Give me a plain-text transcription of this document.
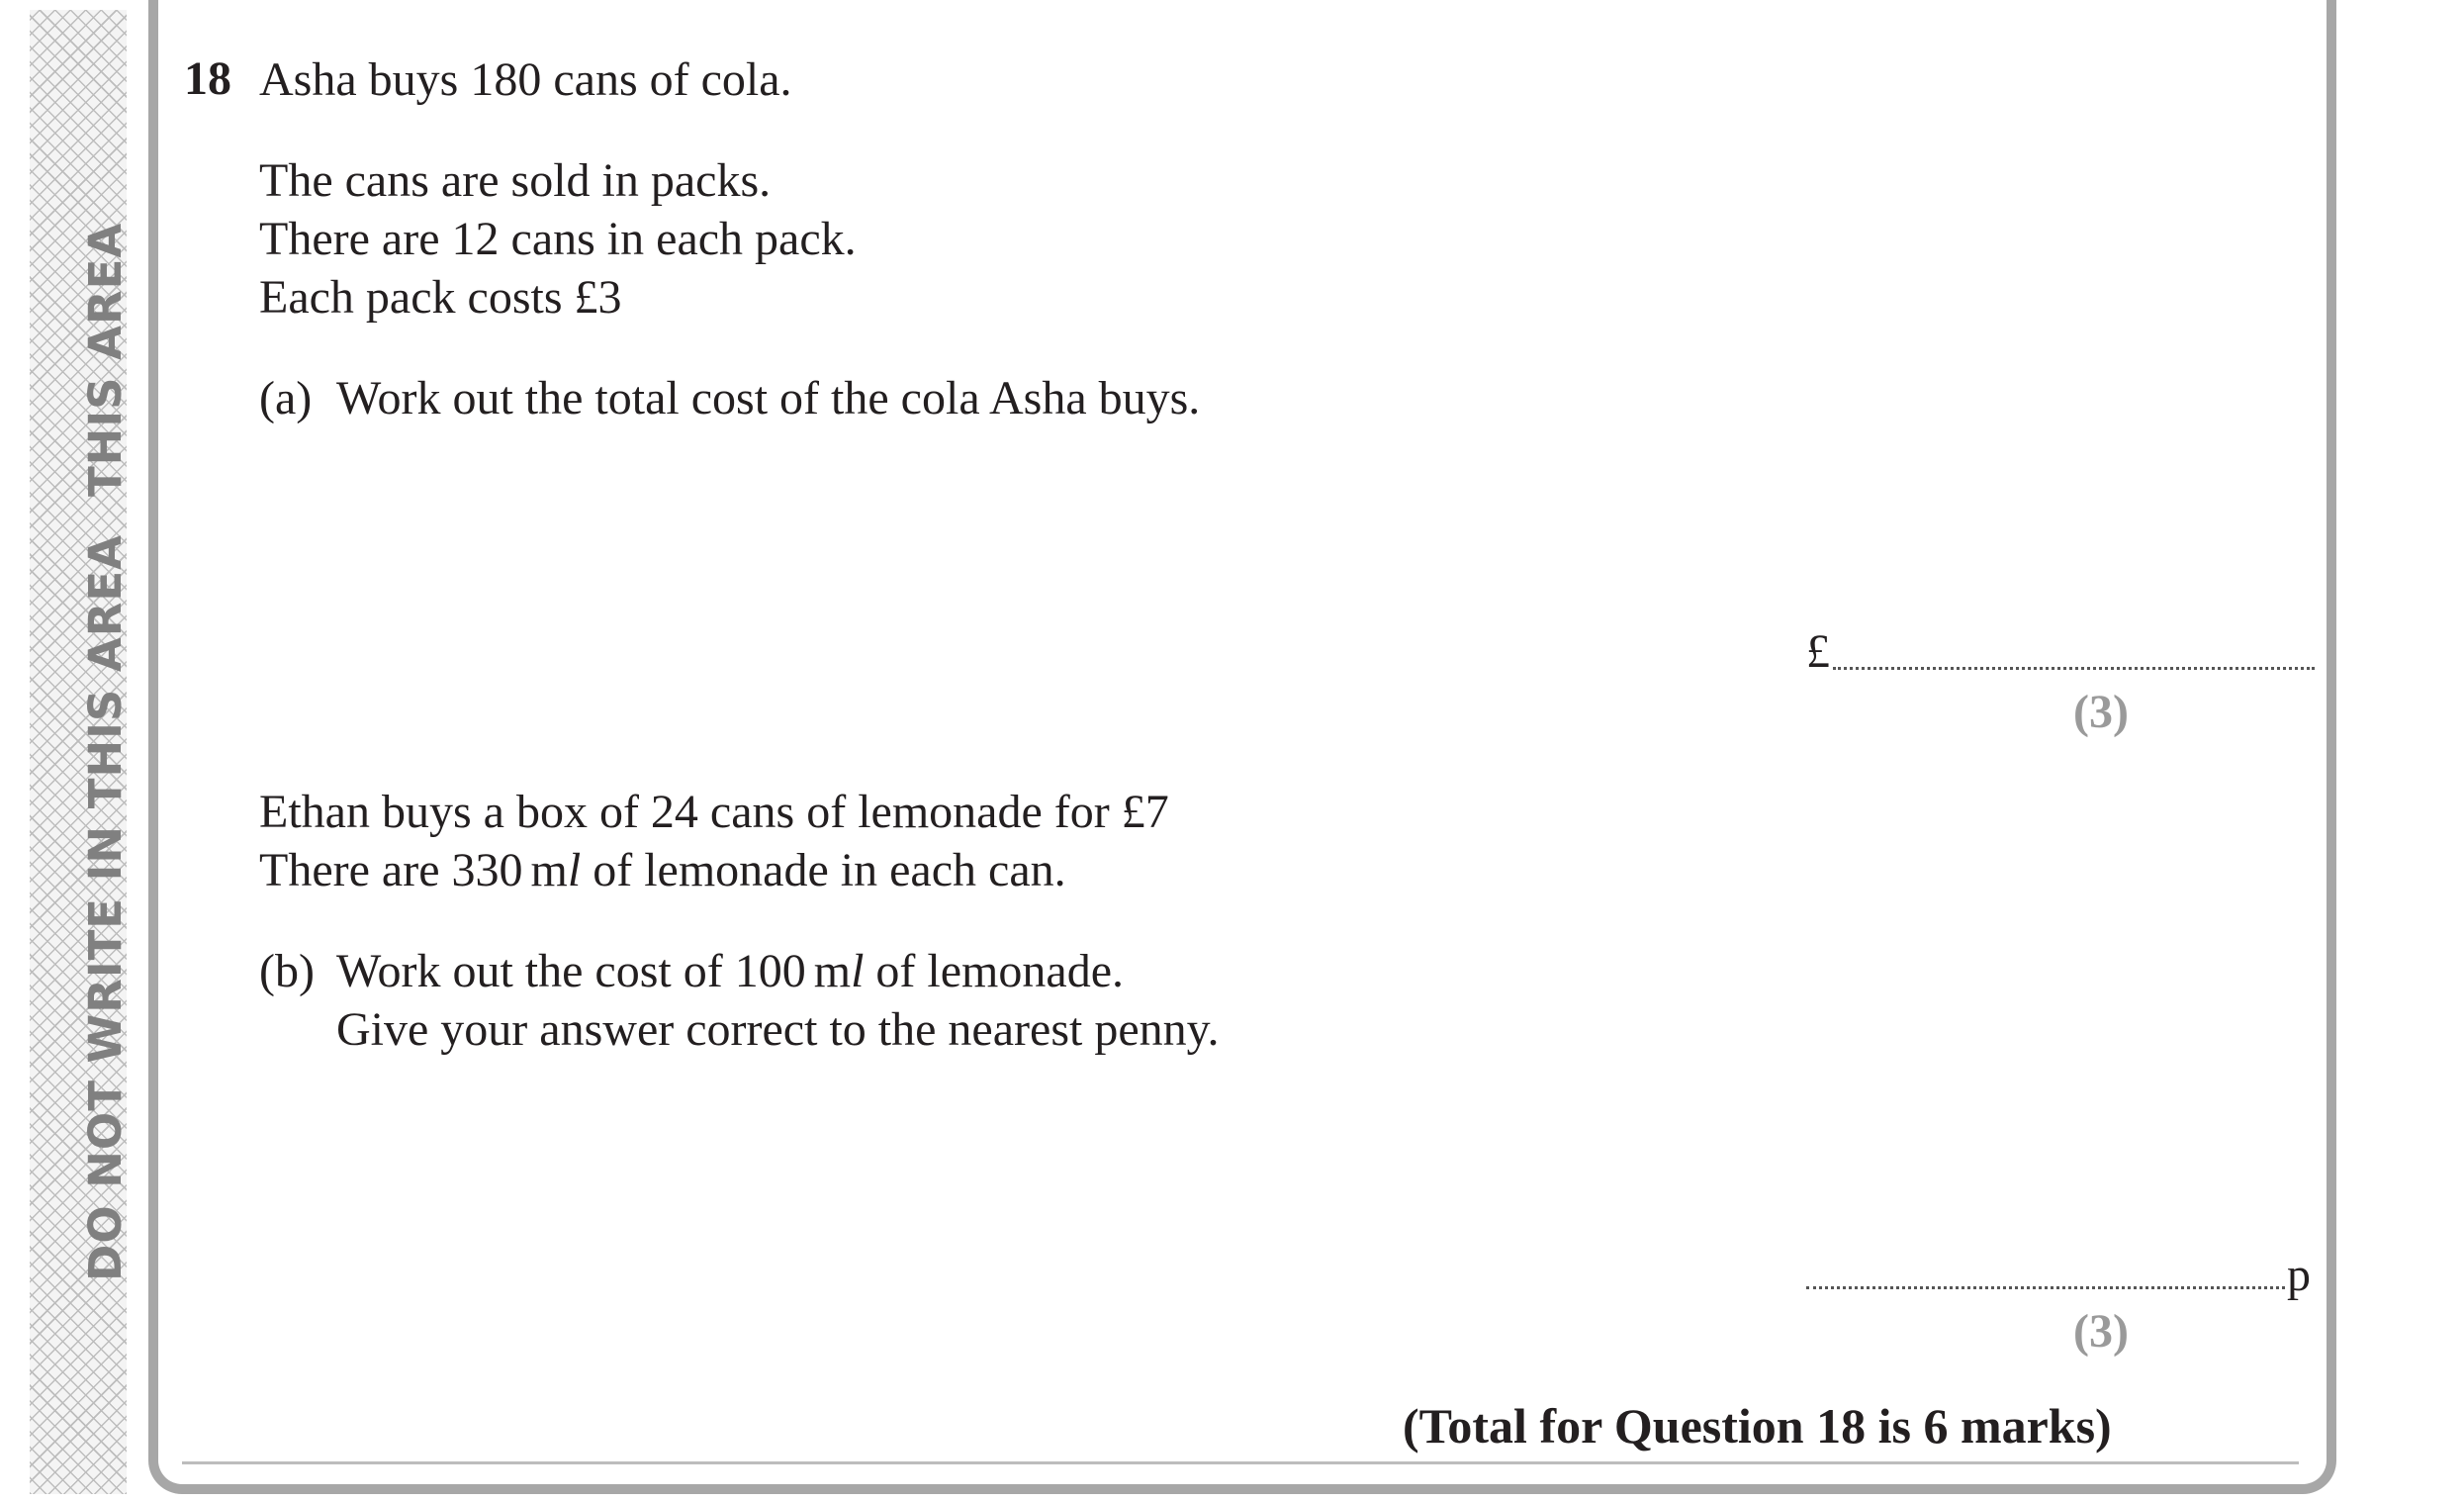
DO NOT WRITE IN THIS AREATHIS AREA
18 Asha buys 180 cans of cola.
The cans are sold in packs.
There are 12 cans in each pack.
Each pack costs £3
(a) Work out the total cost of the cola Asha buys.
£
(3)
Ethan buys a box of 24 cans of lemonade for £7
There are 330 ml of lemonade in each can.
(b) Work out the cost of 100 ml of lemonade.
Give your answer correct to the nearest penny.
p
(3)
(Total for Question 18 is 6 marks)
